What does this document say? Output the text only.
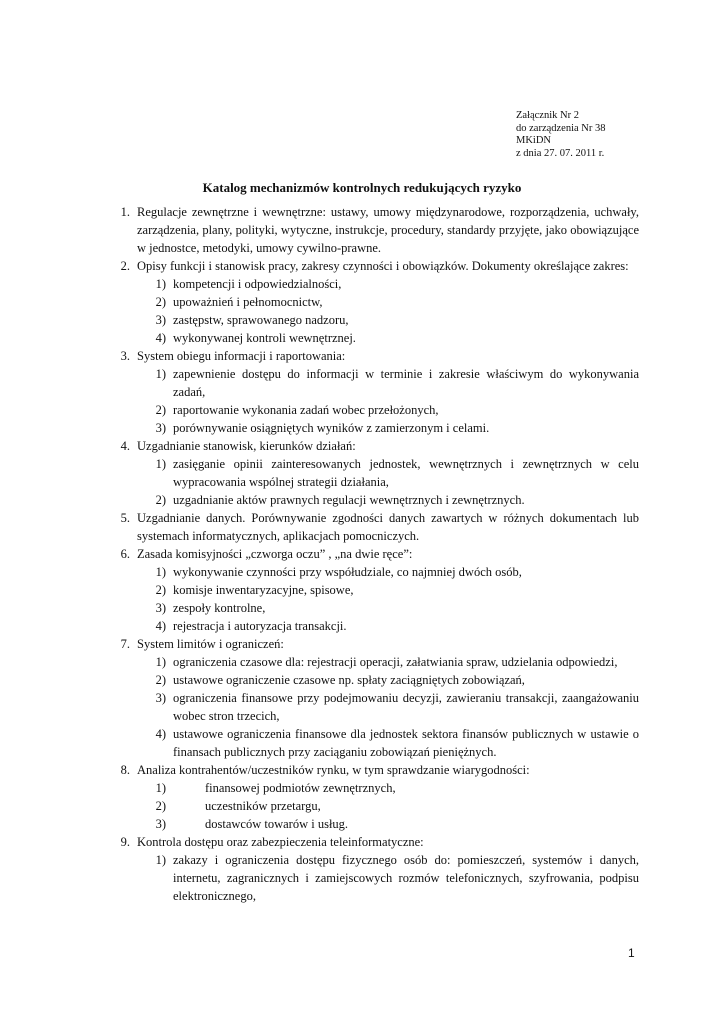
Załącznik Nr 2
do zarządzenia Nr 38
MKiDN
z dnia 27. 07. 2011 r.
Katalog mechanizmów kontrolnych redukujących ryzyko
1. Regulacje zewnętrzne i wewnętrzne: ustawy, umowy międzynarodowe, rozporządzenia, uchwały, zarządzenia, plany, polityki, wytyczne, instrukcje, procedury, standardy przyjęte, jako obowiązujące w jednostce, metodyki, umowy cywilno-prawne.
2. Opisy funkcji i stanowisk pracy, zakresy czynności i obowiązków. Dokumenty określające zakres:
1) kompetencji i odpowiedzialności,
2) upoważnień i pełnomocnictw,
3) zastępstw, sprawowanego nadzoru,
4) wykonywanej kontroli wewnętrznej.
3. System obiegu informacji i raportowania:
1) zapewnienie dostępu do informacji w terminie i zakresie właściwym do wykonywania zadań,
2) raportowanie wykonania zadań wobec przełożonych,
3) porównywanie osiągniętych wyników z zamierzonym i celami.
4. Uzgadnianie stanowisk, kierunków działań:
1) zasięganie opinii zainteresowanych jednostek, wewnętrznych i zewnętrznych w celu wypracowania wspólnej strategii działania,
2) uzgadnianie aktów prawnych regulacji wewnętrznych i zewnętrznych.
5. Uzgadnianie danych. Porównywanie zgodności danych zawartych w różnych dokumentach lub systemach informatycznych, aplikacjach pomocniczych.
6. Zasada komisyjności „czworga oczu” , „na dwie ręce”:
1) wykonywanie czynności przy współudziale, co najmniej dwóch osób,
2) komisje inwentaryzacyjne, spisowe,
3) zespoły kontrolne,
4) rejestracja i autoryzacja transakcji.
7. System limitów i ograniczeń:
1) ograniczenia czasowe dla: rejestracji operacji, załatwiania spraw, udzielania odpowiedzi,
2) ustawowe ograniczenie czasowe np. spłaty zaciągniętych zobowiązań,
3) ograniczenia finansowe przy podejmowaniu decyzji, zawieraniu transakcji, zaangażowaniu wobec stron trzecich,
4) ustawowe ograniczenia finansowe dla jednostek sektora finansów publicznych w ustawie o finansach publicznych przy zaciąganiu zobowiązań pieniężnych.
8. Analiza kontrahentów/uczestników rynku, w tym sprawdzanie wiarygodności:
1)	finansowej podmiotów zewnętrznych,
2)	uczestników przetargu,
3)	dostawców towarów i usług.
9. Kontrola dostępu oraz zabezpieczenia teleinformatyczne:
1) zakazy i ograniczenia dostępu fizycznego osób do: pomieszczeń, systemów i danych, internetu, zagranicznych i zamiejscowych rozmów telefonicznych, szyfrowania, podpisu elektronicznego,
1
